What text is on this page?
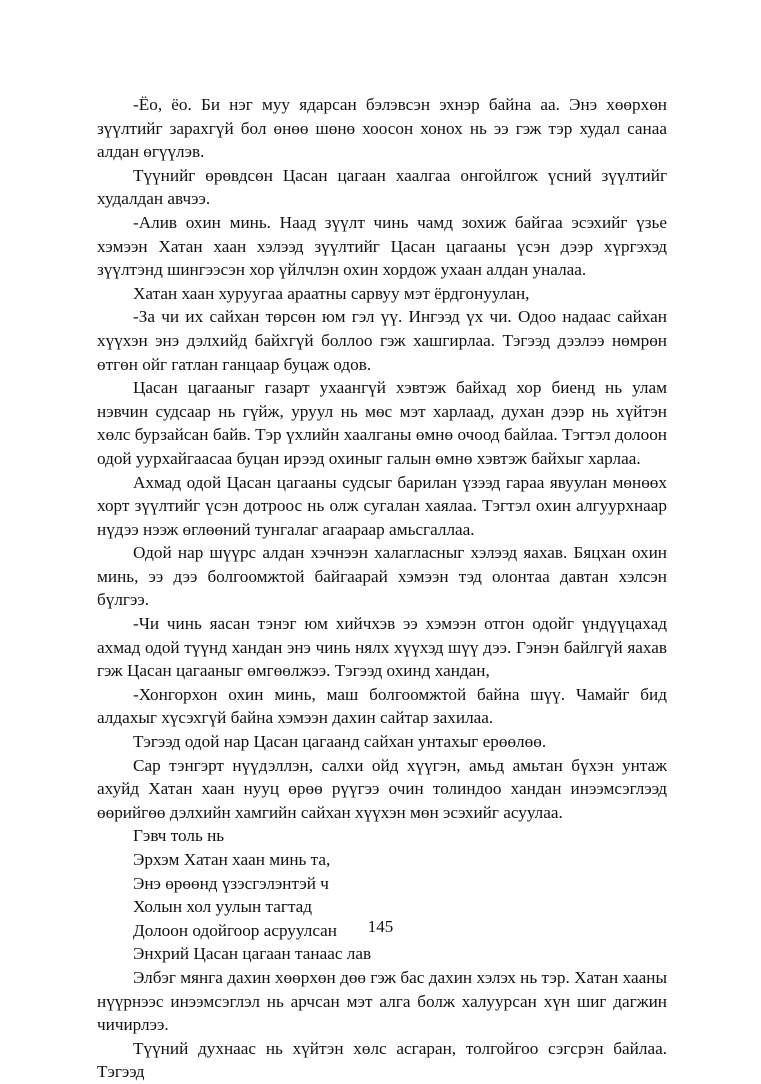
-Ёо, ёо. Би нэг муу ядарсан бэлэвсэн эхнэр байна аа. Энэ хөөрхөн зүүлтийг зарахгүй бол өнөө шөнө хоосон хонох нь ээ гэж тэр худал санаа алдан өгүүлэв.

Түүнийг өрөвдсөн Цасан цагаан хаалгаа онгойлгож үсний зүүлтийг худалдан авчээ.

-Алив охин минь. Наад зүүлт чинь чамд зохиж байгаа эсэхийг үзье хэмээн Хатан хаан хэлээд зүүлтийг Цасан цагааны үсэн дээр хүргэхэд зүүлтэнд шингээсэн хор үйлчлэн охин хордож ухаан алдан уналаа.

Хатан хаан хуруугаа араатны сарвуу мэт ёрдгонуулан,

-За чи их сайхан төрсөн юм гэл үү. Ингээд үх чи. Одоо надаас сайхан хүүхэн энэ дэлхийд байхгүй боллоо гэж хашгирлаа. Тэгээд дээлээ нөмрөн өтгөн ойг гатлан ганцаар буцаж одов.

Цасан цагааныг газарт ухаангүй хэвтэж байхад хор биенд нь улам нэвчин судсаар нь гүйж, уруул нь мөс мэт харлаад, духан дээр нь хүйтэн хөлс бурзайсан байв. Тэр үхлийн хаалганы өмнө очоод байлаа. Тэгтэл долоон одой уурхайгаасаа буцан ирээд охиныг галын өмнө хэвтэж байхыг харлаа.

Ахмад одой Цасан цагааны судсыг барилан үзээд гараа явуулан мөнөөх хорт зүүлтийг үсэн дотроос нь олж сугалан хаялаа. Тэгтэл охин алгуурхнаар нүдээ нээж өглөөний тунгалаг агаараар амьсгаллаа.

Одой нар шүүрс алдан хэчнээн халагласныг хэлээд яахав. Бяцхан охин минь, ээ дээ болгоомжтой байгаарай хэмээн тэд олонтаа давтан хэлсэн бүлгээ.

-Чи чинь яасан тэнэг юм хийчхэв ээ хэмээн отгон одойг үндүүцахад ахмад одой түүнд хандан энэ чинь нялх хүүхэд шүү дээ. Гэнэн байлгүй яахав гэж Цасан цагааныг өмгөөлжээ. Тэгээд охинд хандан,

-Хонгорхон охин минь, маш болгоомжтой байна шүү. Чамайг бид алдахыг хүсэхгүй байна хэмээн дахин сайтар захилаа.

Тэгээд одой нар Цасан цагаанд сайхан унтахыг ерөөлөө.

Сар тэнгэрт нүүдэллэн, салхи ойд хүүгэн, амьд амьтан бүхэн унтаж ахуйд Хатан хаан нууц өрөө рүүгээ очин толиндоо хандан инээмсэглээд өөрийгөө дэлхийн хамгийн сайхан хүүхэн мөн эсэхийг асуулаа.

Гэвч толь нь

Эрхэм Хатан хаан минь та,

Энэ өрөөнд үзэсгэлэнтэй ч

Холын хол уулын тагтад

Долоон одойгоор асруулсан

Энхрий Цасан цагаан танаас лав

Элбэг мянга дахин хөөрхөн дөө гэж бас дахин хэлэх нь тэр. Хатан хааны нүүрнээс инээмсэглэл нь арчсан мэт алга болж халуурсан хүн шиг дагжин чичирлээ.

Түүний духнаас нь хүйтэн хөлс асгаран, толгойгоо сэгсрэн байлаа. Тэгээд

145
